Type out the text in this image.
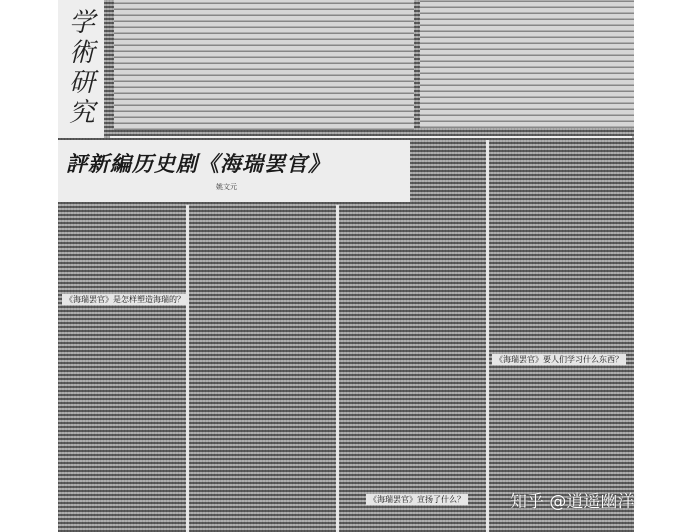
学
術
研
究
評新編历史剧《海瑞罢官》
姚文元
《海瑞罢官》是怎样塑造海瑞的？
《海瑞罢官》要人们学习什么东西？
《海瑞罢官》宣扬了什么？	知乎 @逍遥幽洋
